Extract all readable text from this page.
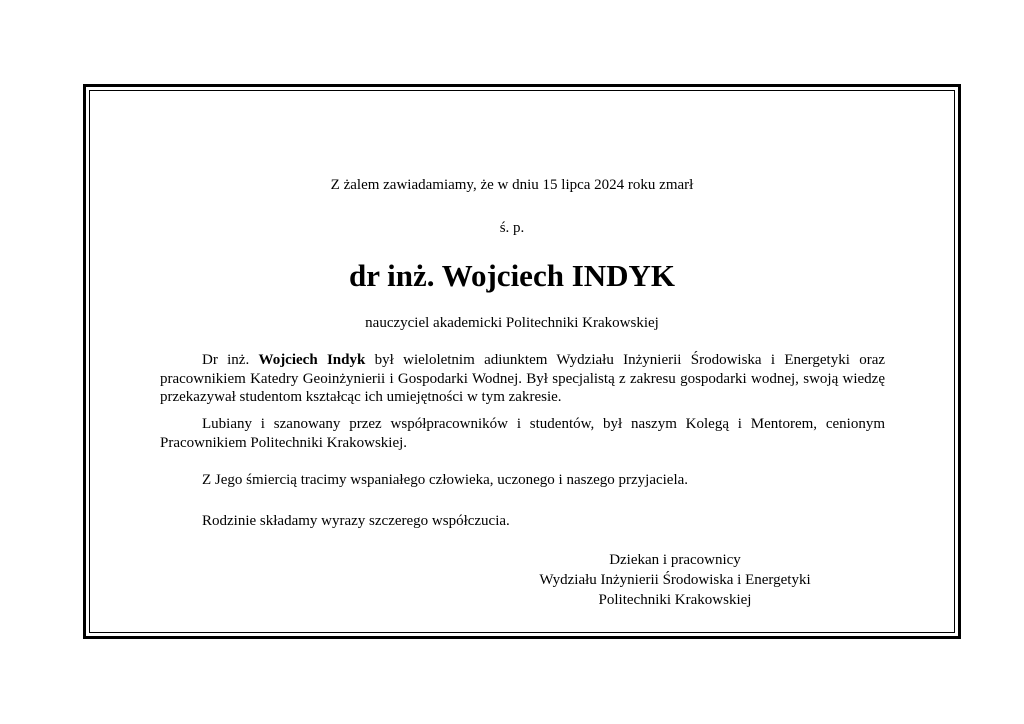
Z żalem zawiadamiamy, że w dniu 15 lipca 2024 roku zmarł
ś. p.
dr inż. Wojciech INDYK
nauczyciel akademicki Politechniki Krakowskiej
Dr inż. Wojciech Indyk był wieloletnim adiunktem Wydziału Inżynierii Środowiska i Energetyki oraz pracownikiem Katedry Geoinżynierii i Gospodarki Wodnej. Był specjalistą z zakresu gospodarki wodnej, swoją wiedzę przekazywał studentom kształcąc ich umiejętności w tym zakresie.
Lubiany i szanowany przez współpracowników i studentów, był naszym Kolegą i Mentorem, cenionym Pracownikiem Politechniki Krakowskiej.
Z Jego śmiercią tracimy wspaniałego człowieka, uczonego i naszego przyjaciela.
Rodzinie składamy wyrazy szczerego współczucia.
Dziekan i pracownicy
Wydziału Inżynierii Środowiska i Energetyki
Politechniki Krakowskiej
